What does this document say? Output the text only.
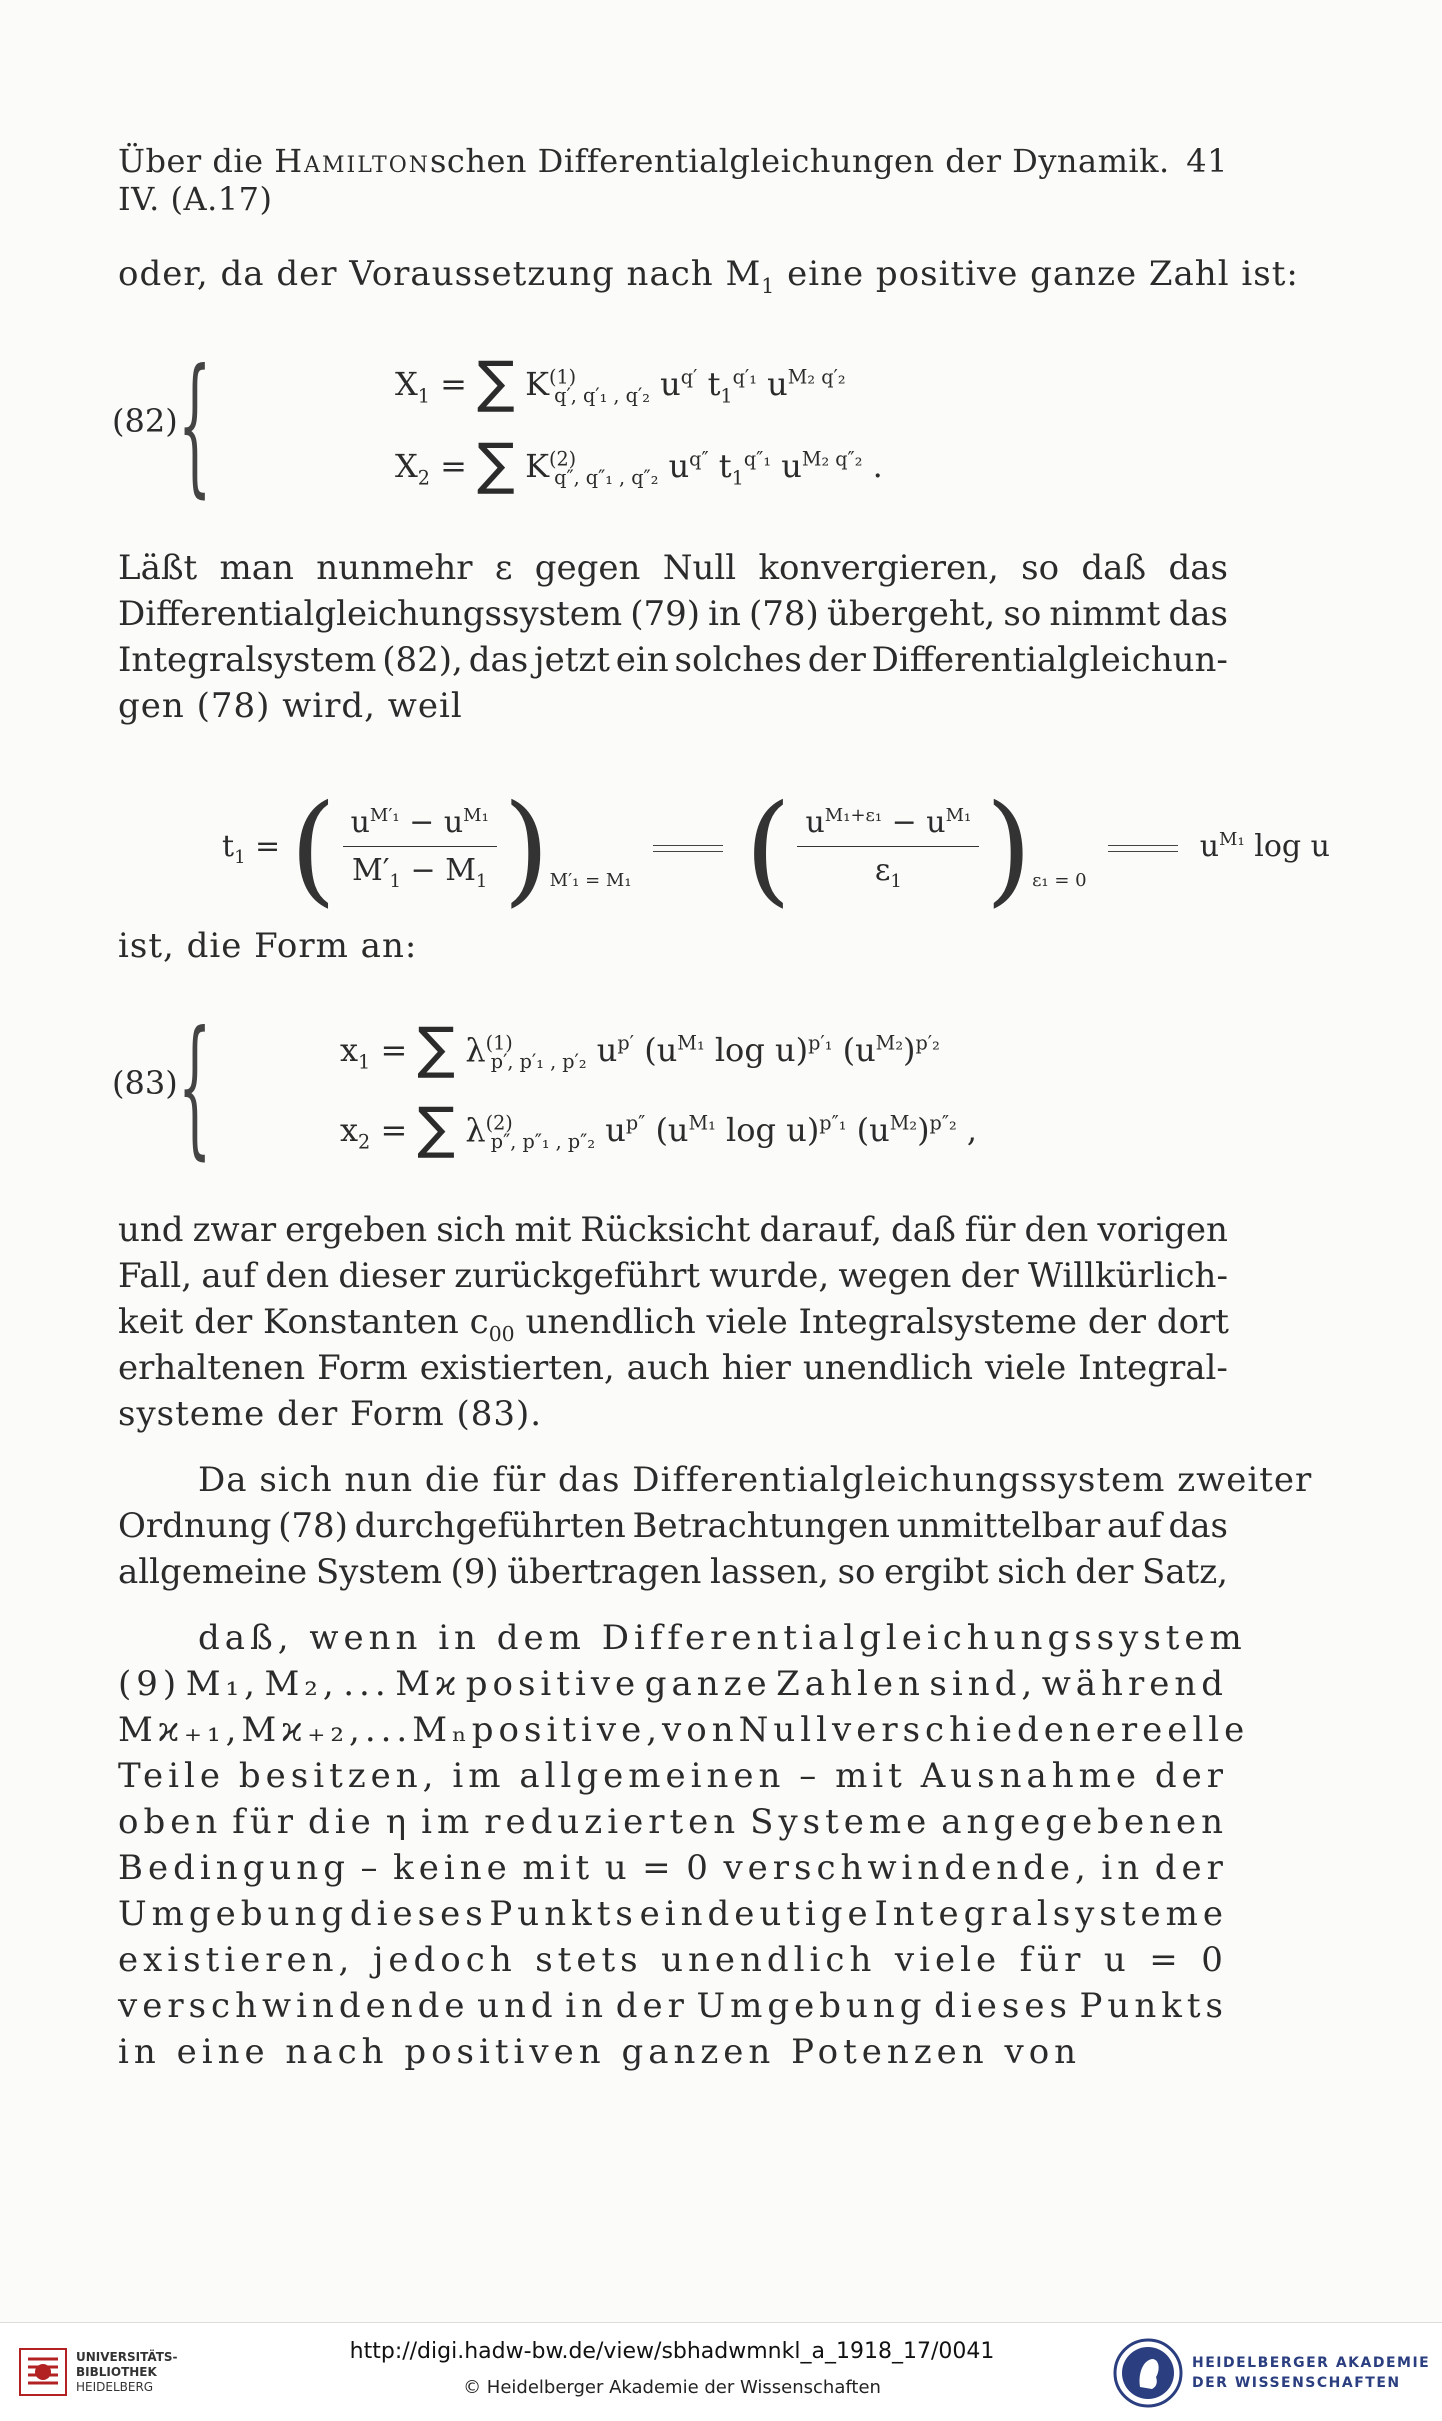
Über die Hamiltonschen Differentialgleichungen der Dynamik. IV. (A.17)
41
oder, da der Voraussetzung nach $M_1$ eine positive ganze Zahl ist:
(82) {	$X_1$ = ∑ $K^{(1)}_{q', q'_1 , q'_2}$ $u^{q'}$ $t_1^{q'_1}$ $u^{M_2 q'_2}$
$X_2$ = ∑ $K^{(2)}_{q'', q''_1 , q''_2}$ $u^{q''}$ $t_1^{q''_1}$ $u^{M_2 q''_2}$ .
Läßt man nunmehr ε gegen Null konvergieren, so daß das
Differentialgleichungssystem (79) in (78) übergeht, so nimmt das
Integralsystem (82), das jetzt ein solches der Differentialgleichun-
gen (78) wird, weil
$t_1$ = ( $\frac{u^{M'_1} - u^{M_1}}{M'_1 - M_1} )_{M'_1 = M_1}$ ( $\frac{u^{M_1+\varepsilon_1} - u^{M_1}}{\varepsilon_1} )_{\varepsilon_1 = 0}$  $u^{M_1}$ log u
ist, die Form an:
(83) {	$x_1$ = ∑ $\lambda^{(1)}_{p', p'_1 , p'_2}$ $u^{p'}$ ($u^{M_1}$ log u)$^{p'_1}$ $(u^{M_2})^{p'_2}$
$x_2$ = ∑ $\lambda^{(2)}_{p'', p''_1 , p''_2}$ $u^{p''}$ ($u^{M_1}$ log u)$^{p''_1}$ $(u^{M_2})^{p''_2}$ ,
und zwar ergeben sich mit Rücksicht darauf, daß für den vorigen
Fall, auf den dieser zurückgeführt wurde, wegen der Willkürlich-
keit der Konstanten $c_{00}$ unendlich viele Integralsysteme der dort
erhaltenen Form existierten, auch hier unendlich viele Integral-
systeme der Form (83).
Da sich nun die für das Differentialgleichungssystem zweiter
Ordnung (78) durchgeführten Betrachtungen unmittelbar auf das
allgemeine System (9) übertragen lassen, so ergibt sich der Satz,
daß, wenn in dem Differentialgleichungssystem
(9) M₁, M₂, ... Mϰ positive ganze Zahlen sind, während
Mϰ₊₁, Mϰ₊₂, ... Mₙ positive, von Null verschiedene reelle
Teile besitzen, im allgemeinen – mit Ausnahme der
oben für die η im reduzierten Systeme angegebenen
Bedingung – keine mit u = 0 verschwindende, in der
Umgebung dieses Punkts eindeutige Integralsysteme
existieren, jedoch stets unendlich viele für u = 0
verschwindende und in der Umgebung dieses Punkts
in eine nach positiven ganzen Potenzen von
UNIVERSITÄTS-
BIBLIOTHEK
HEIDELBERG
http://digi.hadw-bw.de/view/sbhadwmnkl_a_1918_17/0041
© Heidelberger Akademie der Wissenschaften
HEIDELBERGER AKADEMIE
DER WISSENSCHAFTEN
